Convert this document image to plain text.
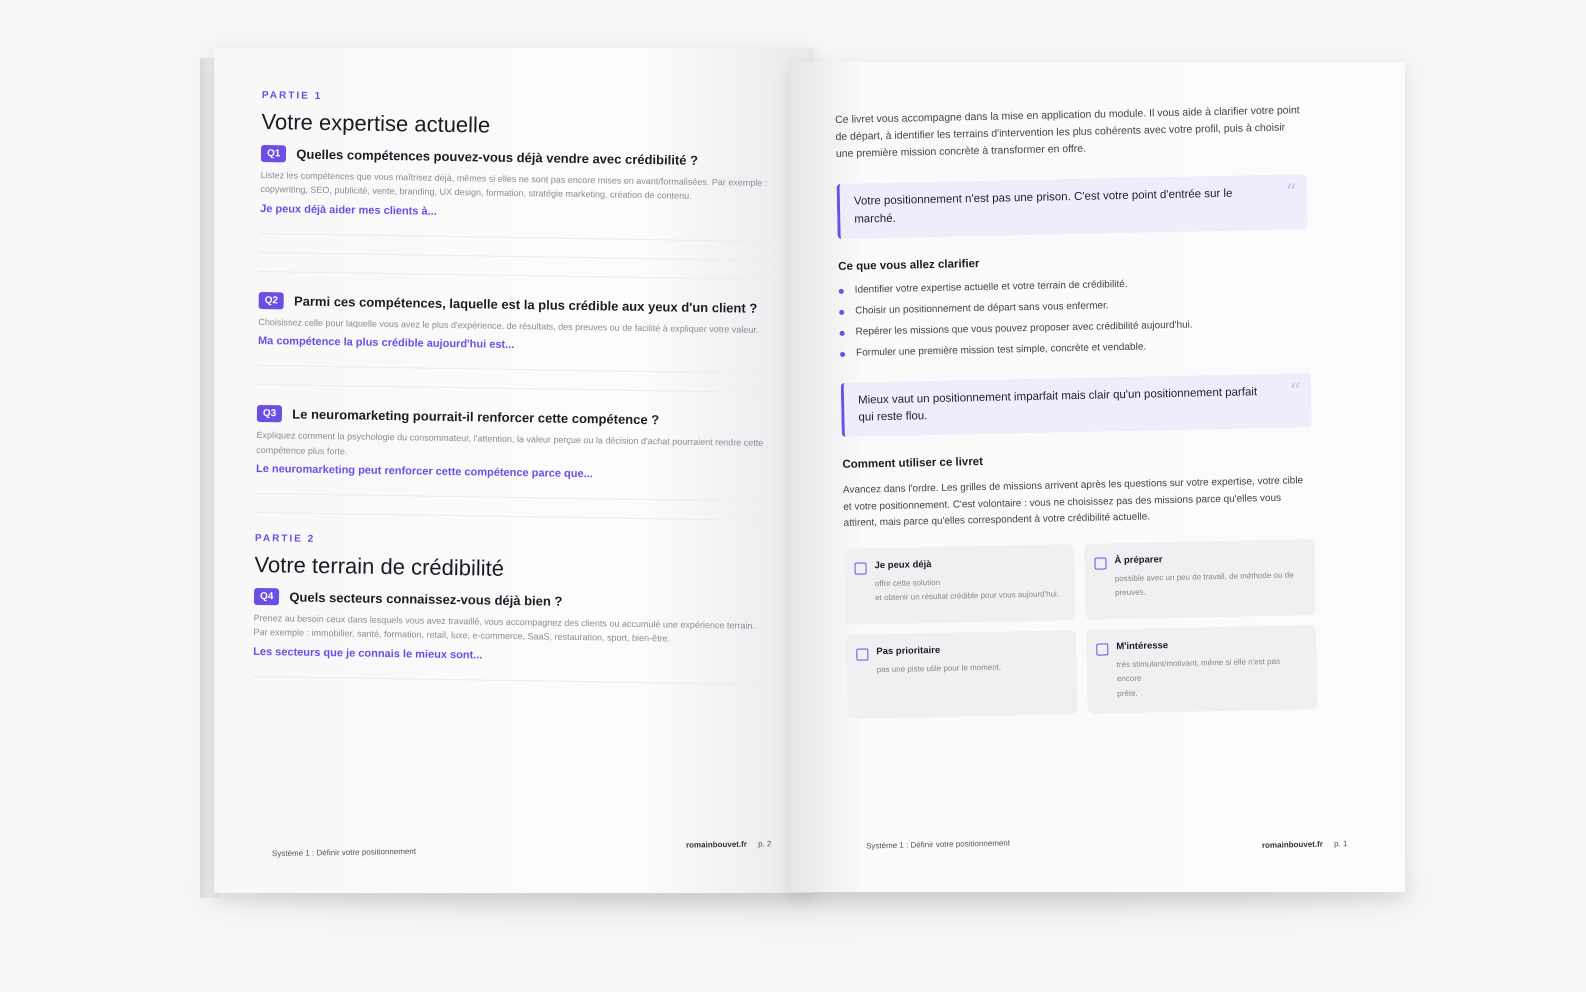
PARTIE 1
Votre expertise actuelle
Q1	Quelles compétences pouvez-vous déjà vendre avec crédibilité ?

Listez les compétences que vous maîtrisez déjà, mêmes si elles ne sont pas encore mises en avant/formalisées. Par exemple : copywriting, SEO, publicité, vente, branding, UX design, formation, stratégie marketing, création de contenu.

Je peux déjà aider mes clients à...
Q2	Parmi ces compétences, laquelle est la plus crédible aux yeux d'un client ?

Choisissez celle pour laquelle vous avez le plus d'expérience, de résultats, des preuves ou de facilité à expliquer votre valeur.

Ma compétence la plus crédible aujourd'hui est...
Q3	Le neuromarketing pourrait-il renforcer cette compétence ?

Expliquez comment la psychologie du consommateur, l'attention, la valeur perçue ou la décision d'achat pourraient rendre cette compétence plus forte.

Le neuromarketing peut renforcer cette compétence parce que...
PARTIE 2
Votre terrain de crédibilité
Q4	Quels secteurs connaissez-vous déjà bien ?

Prenez au besoin ceux dans lesquels vous avez travaillé, vous accompagnez des clients ou accumulé une expérience terrain. Par exemple : immobilier, santé, formation, retail, luxe, e-commerce, SaaS, restauration, sport, bien-être.

Les secteurs que je connais le mieux sont...
Système 1 : Définir votre positionnement
romainbouvet.fr p. 2

Ce livret vous accompagne dans la mise en application du module. Il vous aide à clarifier votre point de départ, à identifier les terrains d'intervention les plus cohérents avec votre profil, puis à choisir une première mission concrète à transformer en offre.

Votre positionnement n'est pas une prison. C'est votre point d'entrée sur le marché.
“
Ce que vous allez clarifier
Identifier votre expertise actuelle et votre terrain de crédibilité.
Choisir un positionnement de départ sans vous enfermer.
Repérer les missions que vous pouvez proposer avec crédibilité aujourd'hui.
Formuler une première mission test simple, concrète et vendable.
Mieux vaut un positionnement imparfait mais clair qu'un positionnement parfait qui reste flou.
“
Comment utiliser ce livret

Avancez dans l'ordre. Les grilles de missions arrivent après les questions sur votre expertise, votre cible et votre positionnement. C'est volontaire : vous ne choisissez pas des missions parce qu'elles vous attirent, mais parce qu'elles correspondent à votre crédibilité actuelle.

Je peux déjà
offrir cette solution
et obtenir un résultat crédible pour vous aujourd'hui.
À préparer
possible avec un peu de travail, de méthode ou de
preuves.
Pas prioritaire
pas une piste utile pour le moment.
M'intéresse
très stimulant/motivant, même si elle n'est pas encore
prête.
Système 1 : Définir votre positionnement	romainbouvet.fr p. 1
